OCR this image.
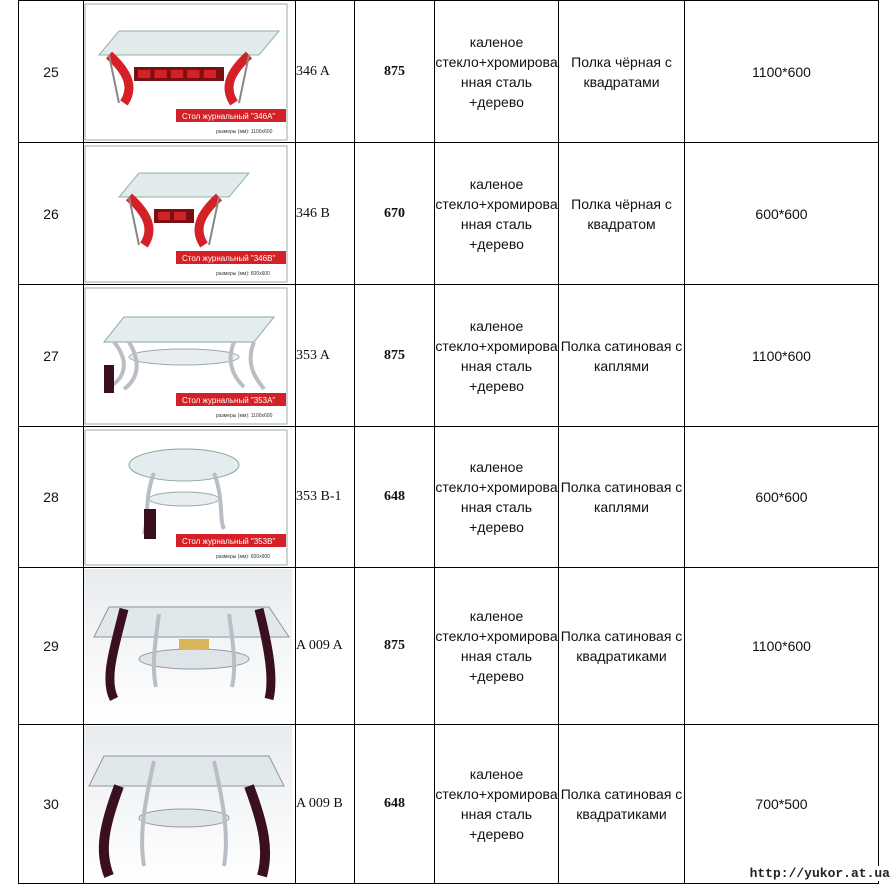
25	Стол журнальный "346А"
размеры (мм): 1100х600	346 A	875	каленое
стекло+хромирова
нная сталь
+дерево	Полка чёрная с квадратами	1100*600
26	Стол журнальный "346В"
размеры (мм): 600х600	346 B	670	каленое
стекло+хромирова
нная сталь
+дерево	Полка чёрная с квадратом	600*600
27	Стол журнальный "353А"
размеры (мм): 1100х600	353 A	875	каленое
стекло+хромирова
нная сталь
+дерево	Полка сатиновая с каплями	1100*600
28	Стол журнальный "353В"
размеры (мм): 600х600	353 B-1	648	каленое
стекло+хромирова
нная сталь
+дерево	Полка сатиновая с каплями	600*600
29		A 009 A	875	каленое
стекло+хромирова
нная сталь
+дерево	Полка сатиновая с квадратиками	1100*600
30		A 009 B	648	каленое
стекло+хромирова
нная сталь
+дерево	Полка сатиновая с квадратиками	700*500
http://yukor.at.ua
